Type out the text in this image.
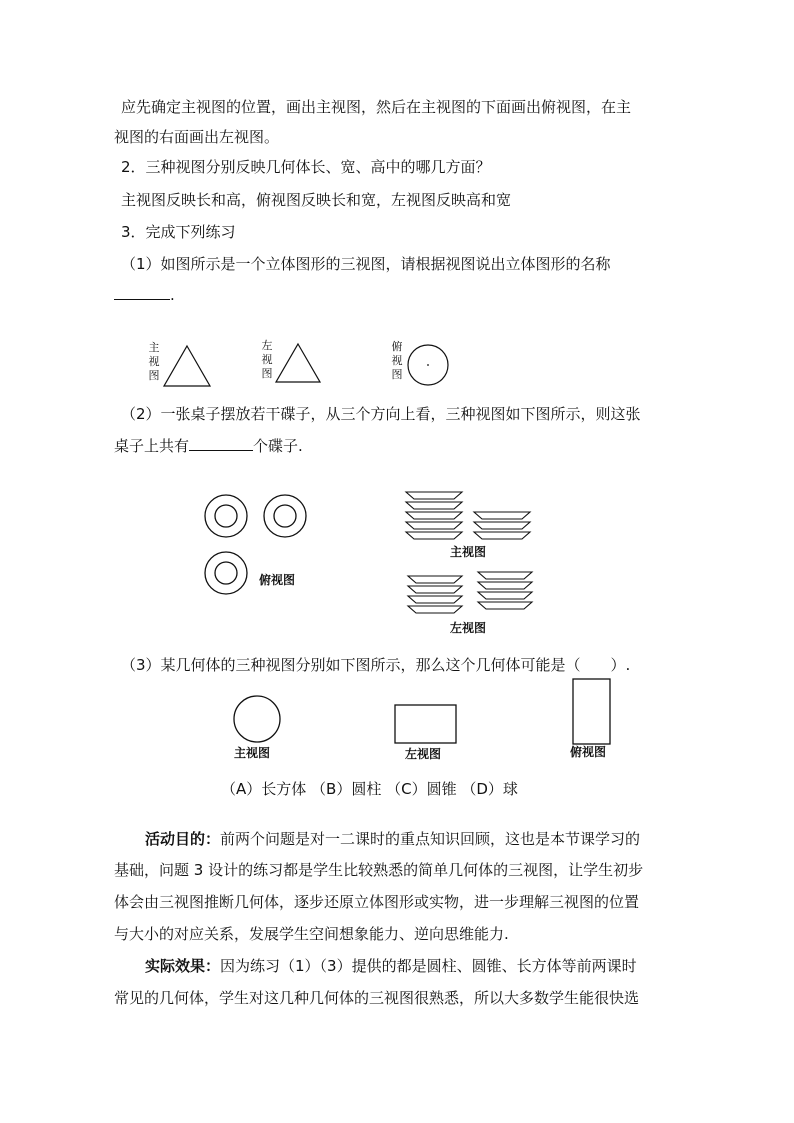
应先确定主视图的位置，画出主视图，然后在主视图的下面画出俯视图，在主
视图的右面画出左视图。
2．三种视图分别反映几何体长、宽、高中的哪几方面？
主视图反映长和高，俯视图反映长和宽，左视图反映高和宽
3．完成下列练习
（1）如图所示是一个立体图形的三视图，请根据视图说出立体图形的名称
.
主
视
图
左
视
图
俯
视
图
（2）一张桌子摆放若干碟子，从三个方向上看，三种视图如下图所示，则这张
桌子上共有	个碟子.
俯视图
主视图
左视图
（3）某几何体的三种视图分别如下图所示，那么这个几何体可能是（　　）.
主视图	左视图	俯视图
（A）长方体 （B）圆柱 （C）圆锥 （D）球
活动目的：前两个问题是对一二课时的重点知识回顾，这也是本节课学习的
基础，问题 3 设计的练习都是学生比较熟悉的简单几何体的三视图，让学生初步
体会由三视图推断几何体，逐步还原立体图形或实物，进一步理解三视图的位置
与大小的对应关系，发展学生空间想象能力、逆向思维能力.
实际效果：因为练习（1）（3）提供的都是圆柱、圆锥、长方体等前两课时
常见的几何体，学生对这几种几何体的三视图很熟悉，所以大多数学生能很快选
